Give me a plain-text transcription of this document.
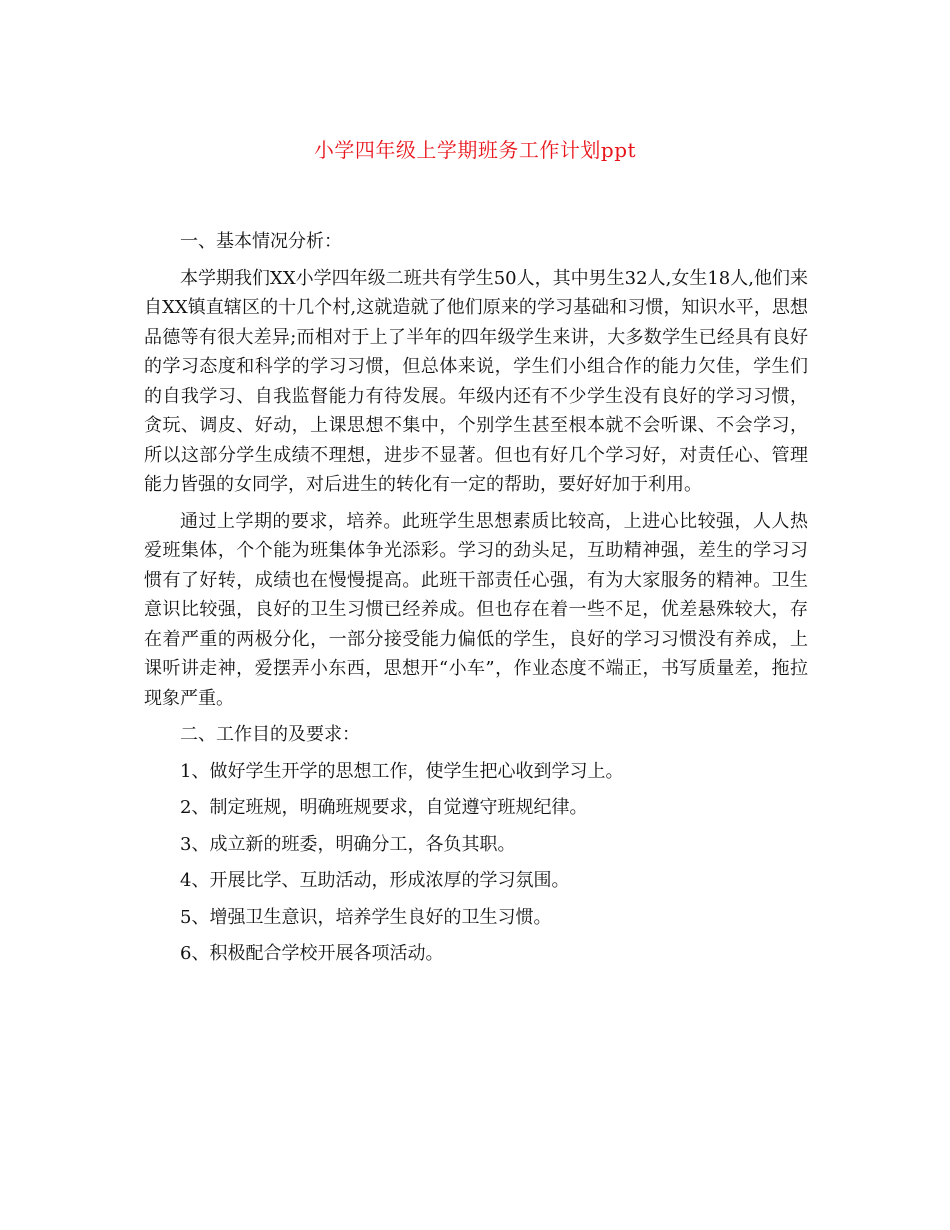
小学四年级上学期班务工作计划ppt

一、基本情况分析：

本学期我们XX小学四年级二班共有学生50人，其中男生32人,女生18人,他们来自XX镇直辖区的十几个村,这就造就了他们原来的学习基础和习惯，知识水平，思想品德等有很大差异;而相对于上了半年的四年级学生来讲，大多数学生已经具有良好的学习态度和科学的学习习惯，但总体来说，学生们小组合作的能力欠佳，学生们的自我学习、自我监督能力有待发展。年级内还有不少学生没有良好的学习习惯，贪玩、调皮、好动，上课思想不集中，个别学生甚至根本就不会听课、不会学习，所以这部分学生成绩不理想，进步不显著。但也有好几个学习好，对责任心、管理能力皆强的女同学，对后进生的转化有一定的帮助，要好好加于利用。

通过上学期的要求，培养。此班学生思想素质比较高，上进心比较强，人人热爱班集体，个个能为班集体争光添彩。学习的劲头足，互助精神强，差生的学习习惯有了好转，成绩也在慢慢提高。此班干部责任心强，有为大家服务的精神。卫生意识比较强，良好的卫生习惯已经养成。但也存在着一些不足，优差悬殊较大，存在着严重的两极分化，一部分接受能力偏低的学生，良好的学习习惯没有养成，上课听讲走神，爱摆弄小东西，思想开“小车”，作业态度不端正，书写质量差，拖拉现象严重。

二、工作目的及要求：

1、做好学生开学的思想工作，使学生把心收到学习上。

2、制定班规，明确班规要求，自觉遵守班规纪律。

3、成立新的班委，明确分工，各负其职。

4、开展比学、互助活动，形成浓厚的学习氛围。

5、增强卫生意识，培养学生良好的卫生习惯。

6、积极配合学校开展各项活动。
